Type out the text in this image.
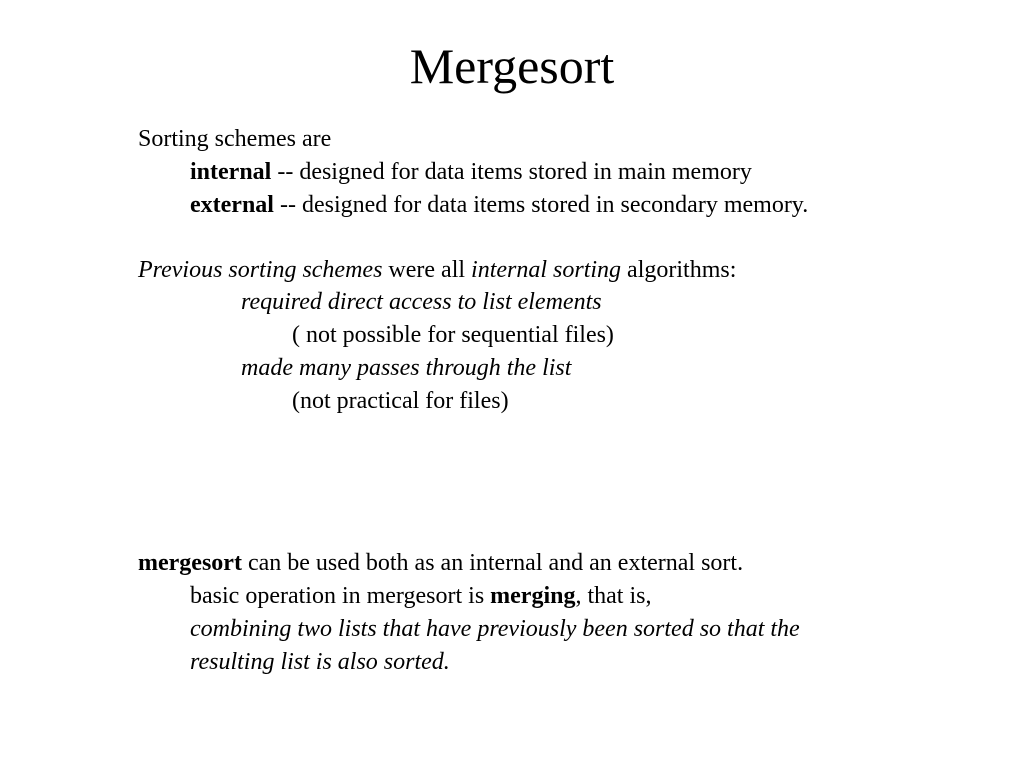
Mergesort
Sorting schemes are
internal -- designed for data items stored in main memory
external -- designed for data items stored in secondary memory.
Previous sorting schemes were all internal sorting algorithms:
required direct access to list elements
( not possible for sequential files)
made many passes through the list
(not practical for files)
mergesort can be used both as an internal and an external sort.
basic operation in mergesort is merging, that is,
combining two lists that have previously been sorted so that the
resulting list is also sorted.
